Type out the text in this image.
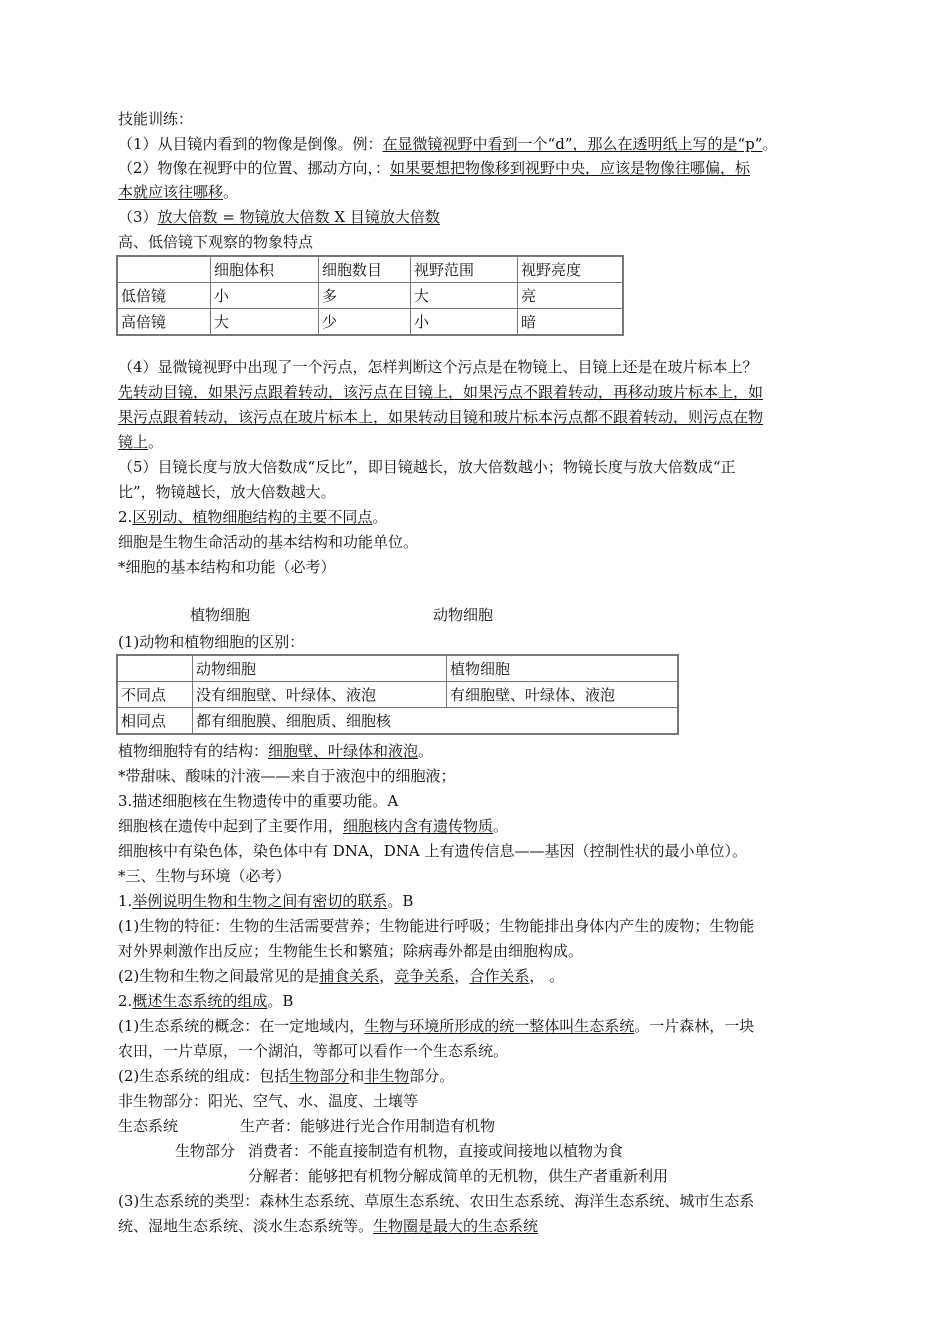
技能训练：
（1）从目镜内看到的物像是倒像。例：在显微镜视野中看到一个“d”，那么在透明纸上写的是“p”。
（2）物像在视野中的位置、挪动方向，：如果要想把物像移到视野中央，应该是物像往哪偏，标
本就应该往哪移。
（3）放大倍数 = 物镜放大倍数 X 目镜放大倍数
高、低倍镜下观察的物象特点
	细胞体积	细胞数目	视野范围	视野亮度
低倍镜	小	多	大	亮
高倍镜	大	少	小	暗
（4）显微镜视野中出现了一个污点，怎样判断这个污点是在物镜上、目镜上还是在玻片标本上？
先转动目镜，如果污点跟着转动，该污点在目镜上，如果污点不跟着转动，再移动玻片标本上，如
果污点跟着转动，该污点在玻片标本上，如果转动目镜和玻片标本污点都不跟着转动，则污点在物
镜上。
（5）目镜长度与放大倍数成“反比”，即目镜越长，放大倍数越小；物镜长度与放大倍数成“正
比”，物镜越长，放大倍数越大。
2.区别动、植物细胞结构的主要不同点。
细胞是生物生命活动的基本结构和功能单位。
*细胞的基本结构和功能（必考）
植物细胞	动物细胞
(1)动物和植物细胞的区别：
	动物细胞	植物细胞
不同点	没有细胞壁、叶绿体、液泡	有细胞壁、叶绿体、液泡
相同点	都有细胞膜、细胞质、细胞核	
植物细胞特有的结构：细胞壁、叶绿体和液泡。
*带甜味、酸味的汁液——来自于液泡中的细胞液；
3.描述细胞核在生物遗传中的重要功能。A
细胞核在遗传中起到了主要作用，细胞核内含有遗传物质。
细胞核中有染色体，染色体中有 DNA，DNA 上有遗传信息——基因（控制性状的最小单位）。
*三、生物与环境（必考）
1.举例说明生物和生物之间有密切的联系。B
(1)生物的特征：生物的生活需要营养；生物能进行呼吸；生物能排出身体内产生的废物；生物能
对外界刺激作出反应；生物能生长和繁殖；除病毒外都是由细胞构成。
(2)生物和生物之间最常见的是捕食关系，竞争关系，合作关系， 。
2.概述生态系统的组成。B
(1)生态系统的概念：在一定地域内，生物与环境所形成的统一整体叫生态系统。一片森林，一块
农田，一片草原，一个湖泊，等都可以看作一个生态系统。
(2)生态系统的组成：包括生物部分和非生物部分。
非生物部分：阳光、空气、水、温度、土壤等
生态系统	生产者：能够进行光合作用制造有机物
生物部分 消费者：不能直接制造有机物，直接或间接地以植物为食
分解者：能够把有机物分解成简单的无机物，供生产者重新利用
(3)生态系统的类型：森林生态系统、草原生态系统、农田生态系统、海洋生态系统、城市生态系
统、湿地生态系统、淡水生态系统等。生物圈是最大的生态系统
